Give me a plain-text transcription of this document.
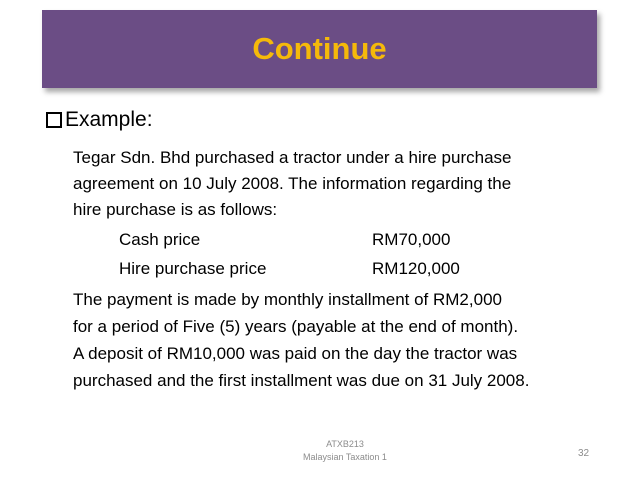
Continue
Example:
Tegar Sdn. Bhd purchased a tractor under a hire purchase
agreement on 10 July 2008. The information regarding the
hire purchase is as follows:
Cash price	RM70,000
Hire purchase price	RM120,000
The payment is made by monthly installment of RM2,000
for a period of Five (5) years (payable at the end of month).
A deposit of RM10,000 was paid on the day the tractor was
purchased and the first installment was due on 31 July 2008.
ATXB213
Malaysian Taxation 1	32
